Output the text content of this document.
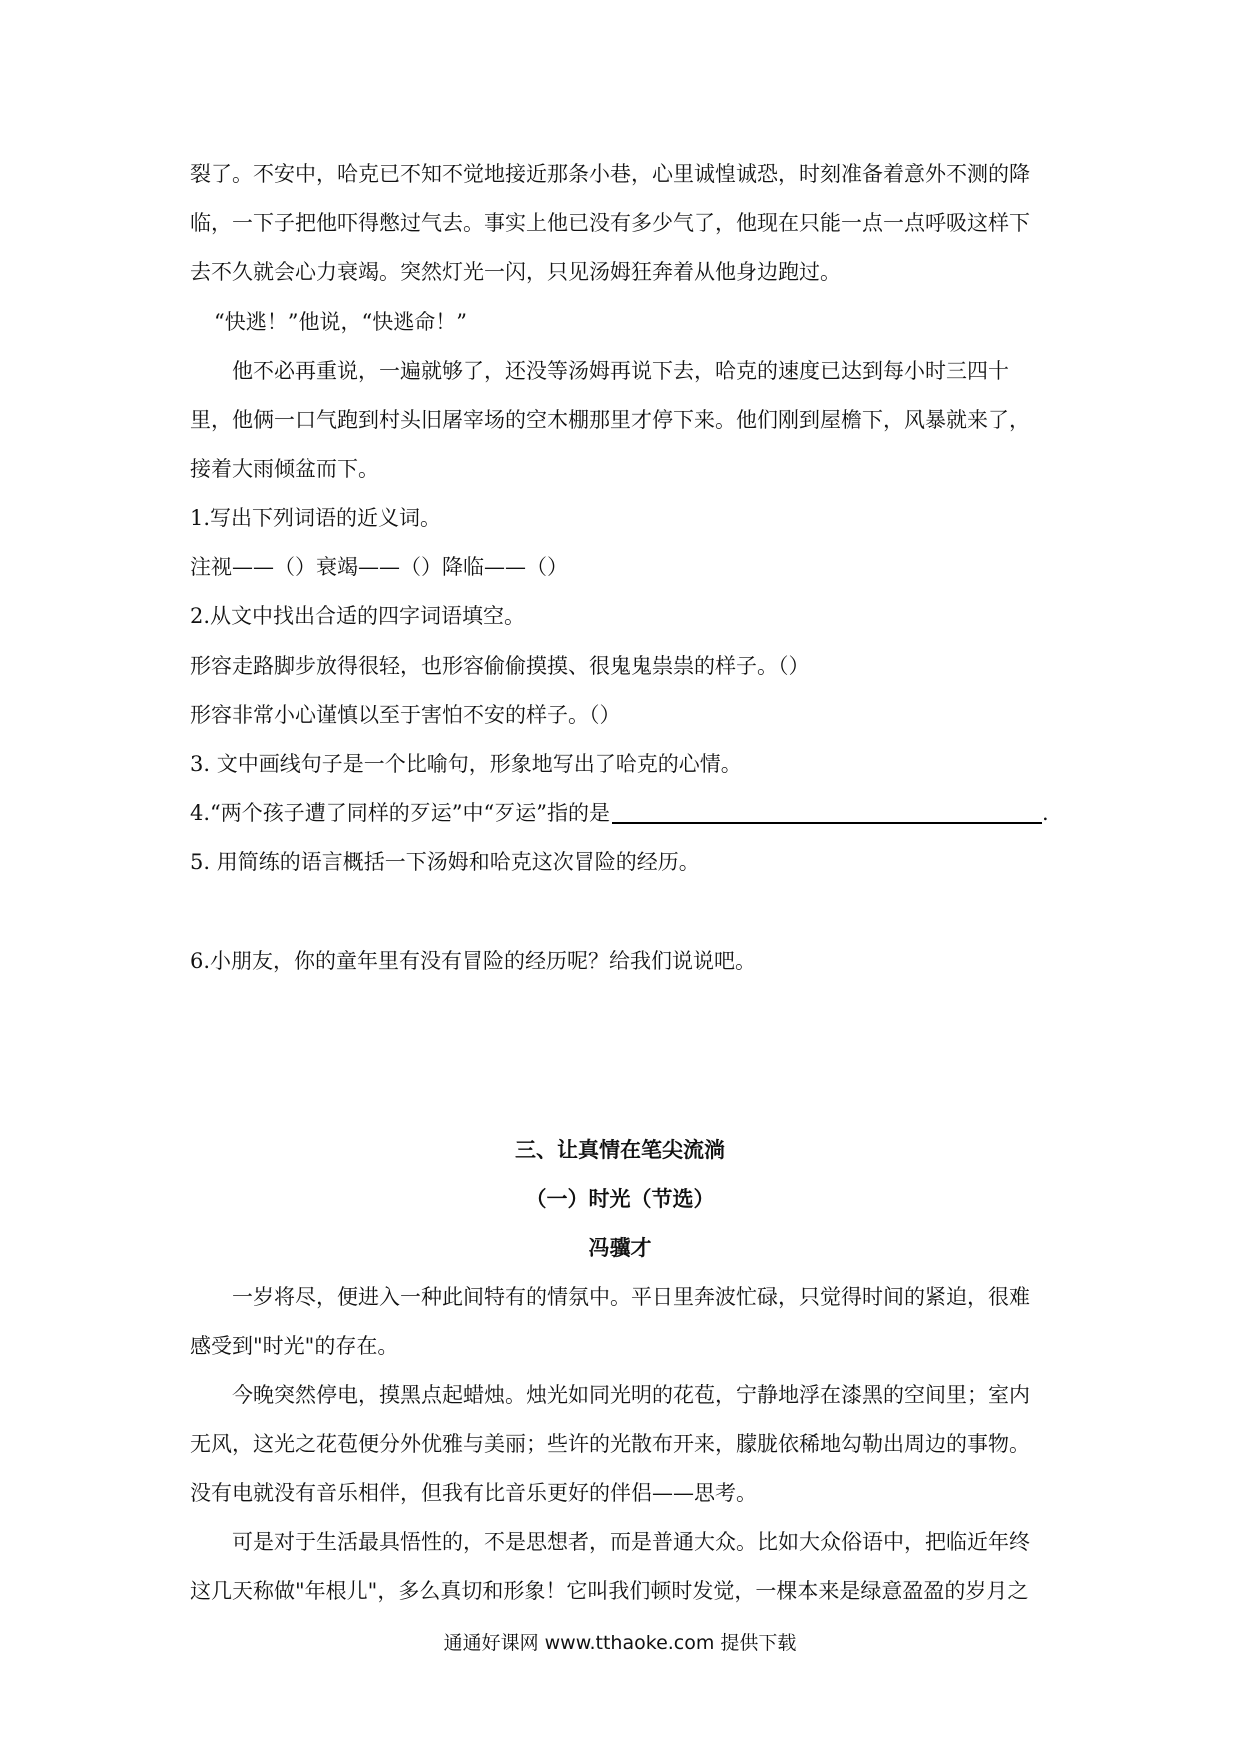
裂了。不安中，哈克已不知不觉地接近那条小巷，心里诚惶诚恐，时刻准备着意外不测的降
临，一下子把他吓得憋过气去。事实上他已没有多少气了，他现在只能一点一点呼吸这样下
去不久就会心力衰竭。突然灯光一闪，只见汤姆狂奔着从他身边跑过。
“快逃！”他说，“快逃命！”
他不必再重说，一遍就够了，还没等汤姆再说下去，哈克的速度已达到每小时三四十
里，他俩一口气跑到村头旧屠宰场的空木棚那里才停下来。他们刚到屋檐下，风暴就来了，
接着大雨倾盆而下。
1.写出下列词语的近义词。
注视——（）衰竭——（）降临——（）
2.从文中找出合适的四字词语填空。
形容走路脚步放得很轻，也形容偷偷摸摸、很鬼鬼祟祟的样子。（）
形容非常小心谨慎以至于害怕不安的样子。（）
3. 文中画线句子是一个比喻句，形象地写出了哈克的心情。
4.“两个孩子遭了同样的歹运”中“歹运”指的是	.
5. 用简练的语言概括一下汤姆和哈克这次冒险的经历。
6.小朋友，你的童年里有没有冒险的经历呢？给我们说说吧。
三、让真情在笔尖流淌
（一）时光（节选）
冯骥才
一岁将尽，便进入一种此间特有的情氛中。平日里奔波忙碌，只觉得时间的紧迫，很难
感受到"时光"的存在。
今晚突然停电，摸黑点起蜡烛。烛光如同光明的花苞，宁静地浮在漆黑的空间里；室内
无风，这光之花苞便分外优雅与美丽；些许的光散布开来，朦胧依稀地勾勒出周边的事物。
没有电就没有音乐相伴，但我有比音乐更好的伴侣——思考。
可是对于生活最具悟性的，不是思想者，而是普通大众。比如大众俗语中，把临近年终
这几天称做"年根儿"，多么真切和形象！它叫我们顿时发觉，一棵本来是绿意盈盈的岁月之
通通好课网 www.tthaoke.com 提供下载
